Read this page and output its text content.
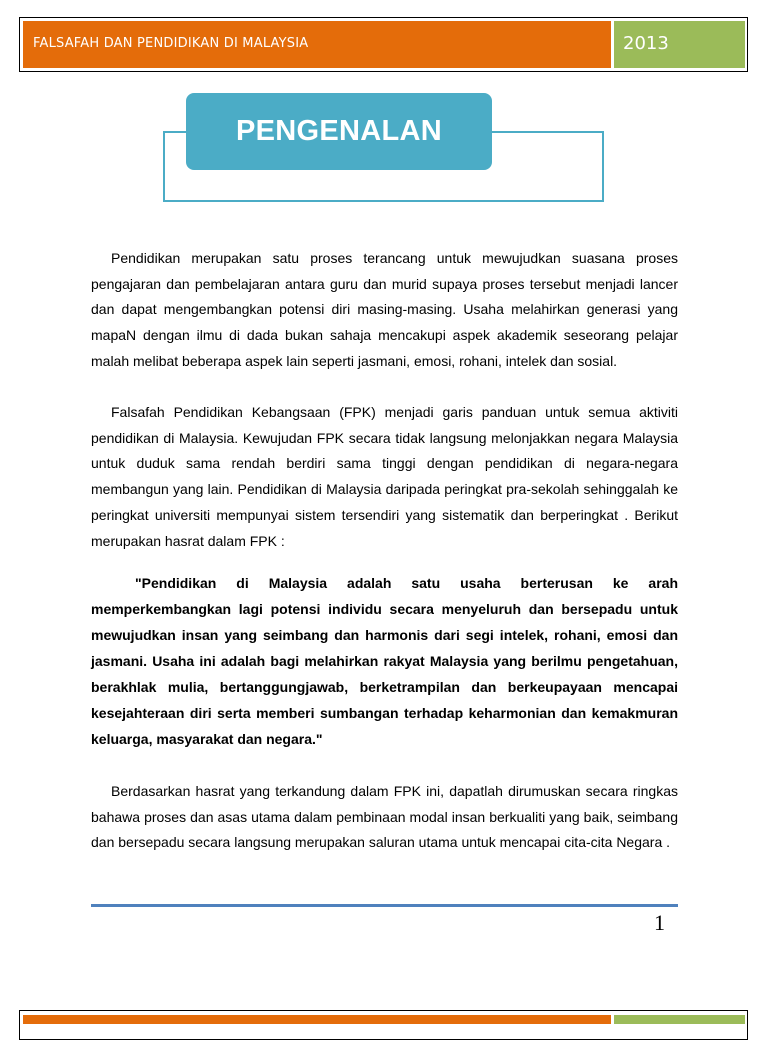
FALSAFAH DAN PENDIDIKAN DI MALAYSIA	2013
PENGENALAN
Pendidikan merupakan satu proses terancang untuk mewujudkan suasana proses pengajaran dan pembelajaran antara guru dan murid supaya proses tersebut menjadi lancer dan dapat mengembangkan potensi diri masing-masing. Usaha melahirkan generasi yang mapaN dengan ilmu di dada bukan sahaja mencakupi aspek akademik seseorang pelajar malah melibat beberapa aspek lain seperti jasmani, emosi, rohani, intelek dan sosial.
Falsafah Pendidikan Kebangsaan (FPK) menjadi garis panduan untuk semua aktiviti pendidikan di Malaysia. Kewujudan FPK secara tidak langsung melonjakkan negara Malaysia untuk duduk sama rendah berdiri sama tinggi dengan pendidikan di negara-negara membangun yang lain. Pendidikan di Malaysia daripada peringkat pra-sekolah sehinggalah ke peringkat universiti mempunyai sistem tersendiri yang sistematik dan berperingkat . Berikut merupakan hasrat dalam FPK :
"Pendidikan di Malaysia adalah satu usaha berterusan ke arah memperkembangkan lagi potensi individu secara menyeluruh dan bersepadu untuk mewujudkan insan yang seimbang dan harmonis dari segi intelek, rohani, emosi dan jasmani. Usaha ini adalah bagi melahirkan rakyat Malaysia yang berilmu pengetahuan, berakhlak mulia, bertanggungjawab, berketrampilan dan berkeupayaan mencapai kesejahteraan diri serta memberi sumbangan terhadap keharmonian dan kemakmuran keluarga, masyarakat dan negara."
Berdasarkan hasrat yang terkandung dalam FPK ini, dapatlah dirumuskan secara ringkas bahawa proses dan asas utama dalam pembinaan modal insan berkualiti yang baik, seimbang dan bersepadu secara langsung merupakan saluran utama untuk mencapai cita-cita Negara .
1
